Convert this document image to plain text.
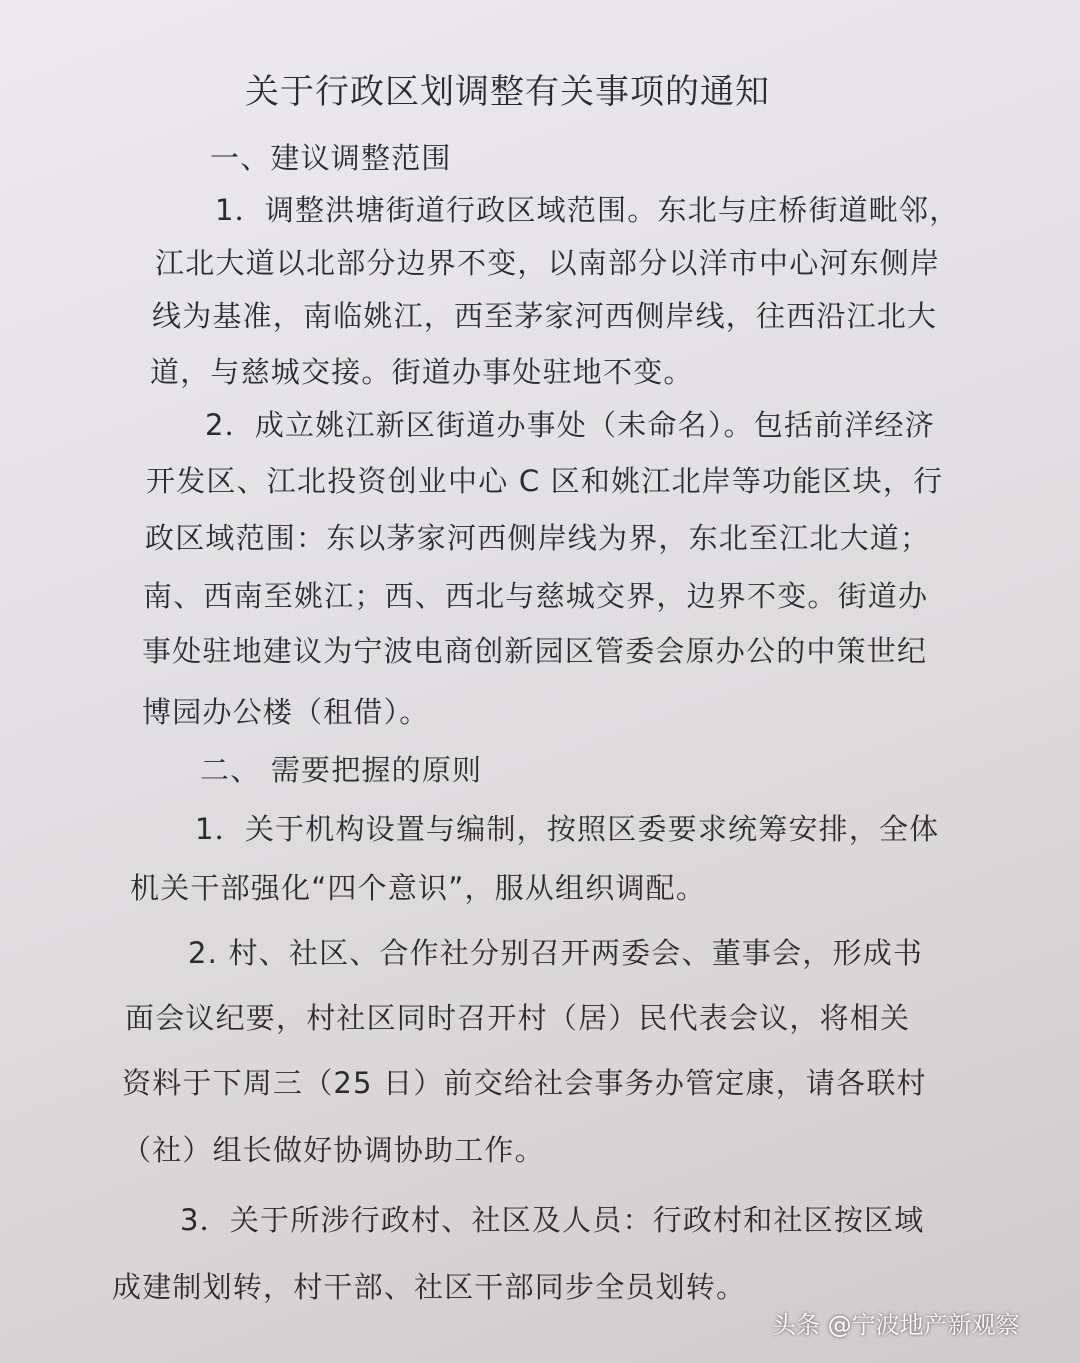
关于行政区划调整有关事项的通知
一、建议调整范围
1．调整洪塘街道行政区域范围。东北与庄桥街道毗邻，
江北大道以北部分边界不变，以南部分以洋市中心河东侧岸
线为基准，南临姚江，西至茅家河西侧岸线，往西沿江北大
道，与慈城交接。街道办事处驻地不变。
2．成立姚江新区街道办事处（未命名）。包括前洋经济
开发区、江北投资创业中心 C 区和姚江北岸等功能区块，行
政区域范围：东以茅家河西侧岸线为界，东北至江北大道；
南、西南至姚江；西、西北与慈城交界，边界不变。街道办
事处驻地建议为宁波电商创新园区管委会原办公的中策世纪
博园办公楼（租借）。
二、 需要把握的原则
1．关于机构设置与编制，按照区委要求统筹安排，全体
机关干部强化“四个意识”，服从组织调配。
2. 村、社区、合作社分别召开两委会、董事会，形成书
面会议纪要，村社区同时召开村（居）民代表会议，将相关
资料于下周三（25 日）前交给社会事务办管定康，请各联村
（社）组长做好协调协助工作。
3．关于所涉行政村、社区及人员：行政村和社区按区域
成建制划转，村干部、社区干部同步全员划转。
头条 @宁波地产新观察
